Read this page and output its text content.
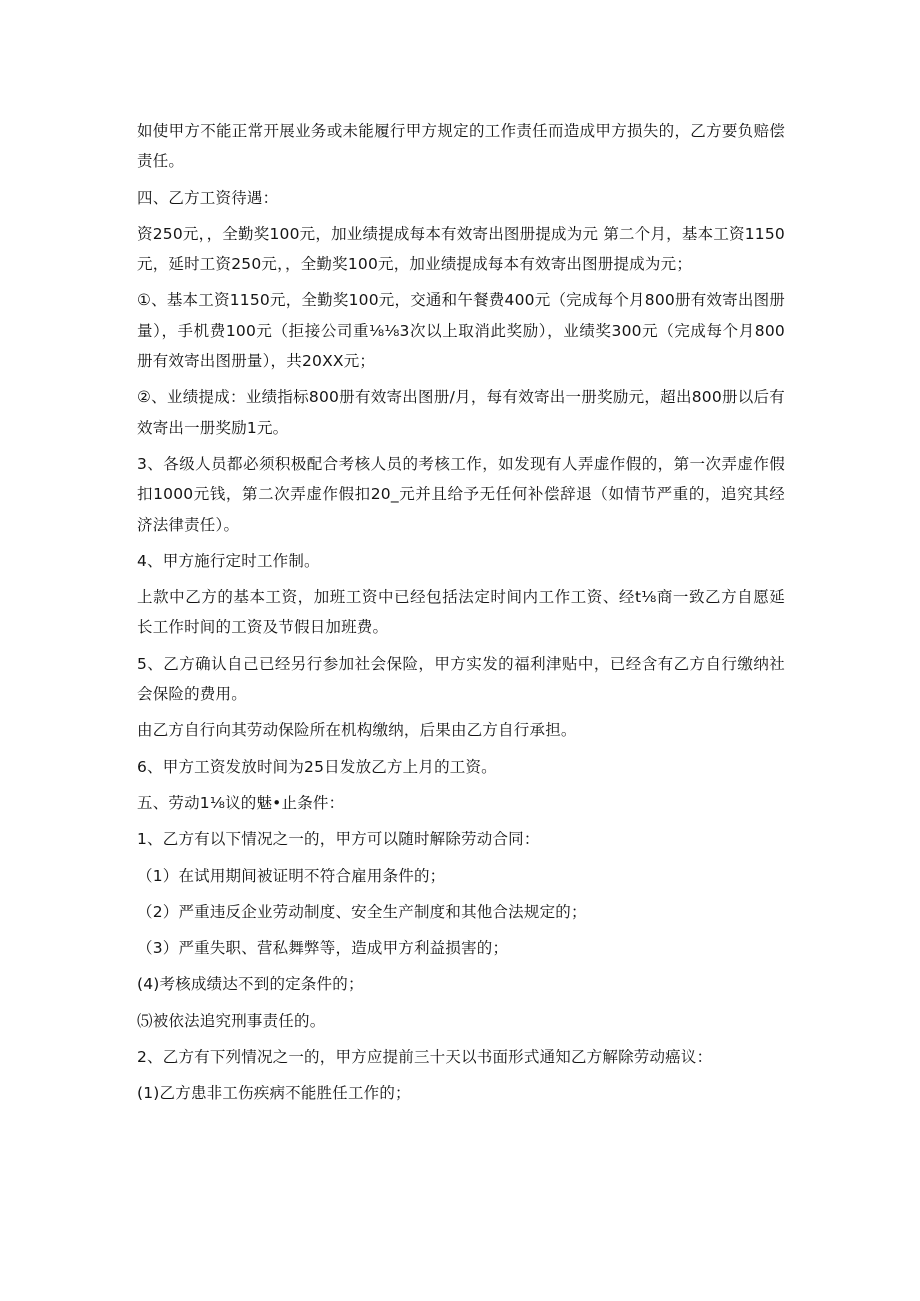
如使甲方不能正常开展业务或未能履行甲方规定的工作责任而造成甲方损失的，乙方要负赔偿责任。

四、乙方工资待遇：

资250元，，全勤奖100元，加业绩提成每本有效寄出图册提成为元 第二个月，基本工资1150元，延时工资250元，，全勤奖100元，加业绩提成每本有效寄出图册提成为元；

①、基本工资1150元，全勤奖100元，交通和午餐费400元（完成每个月800册有效寄出图册量），手机费100元（拒接公司重⅛⅛3次以上取消此奖励），业绩奖300元（完成每个月800册有效寄出图册量），共20XX元；

②、业绩提成：业绩指标800册有效寄出图册/月，每有效寄出一册奖励元，超出800册以后有效寄出一册奖励1元。

3、各级人员都必须积极配合考核人员的考核工作，如发现有人弄虚作假的，第一次弄虚作假扣1000元钱，第二次弄虚作假扣20_元并且给予无任何补偿辞退（如情节严重的，追究其经济法律责任）。

4、甲方施行定时工作制。

上款中乙方的基本工资，加班工资中已经包括法定时间内工作工资、经t⅛商一致乙方自愿延长工作时间的工资及节假日加班费。

5、乙方确认自己已经另行参加社会保险，甲方实发的福利津贴中，已经含有乙方自行缴纳社会保险的费用。

由乙方自行向其劳动保险所在机构缴纳，后果由乙方自行承担。

6、甲方工资发放时间为25日发放乙方上月的工资。

五、劳动1⅛议的魅•止条件：

1、乙方有以下情况之一的，甲方可以随时解除劳动合同：

（1）在试用期间被证明不符合雇用条件的；

（2）严重违反企业劳动制度、安全生产制度和其他合法规定的；

（3）严重失职、营私舞弊等，造成甲方利益损害的；

(4)考核成绩达不到的定条件的；

⑸被依法追究刑事责任的。

2、乙方有下列情况之一的，甲方应提前三十天以书面形式通知乙方解除劳动癌议：

(1)乙方患非工伤疾病不能胜任工作的；
